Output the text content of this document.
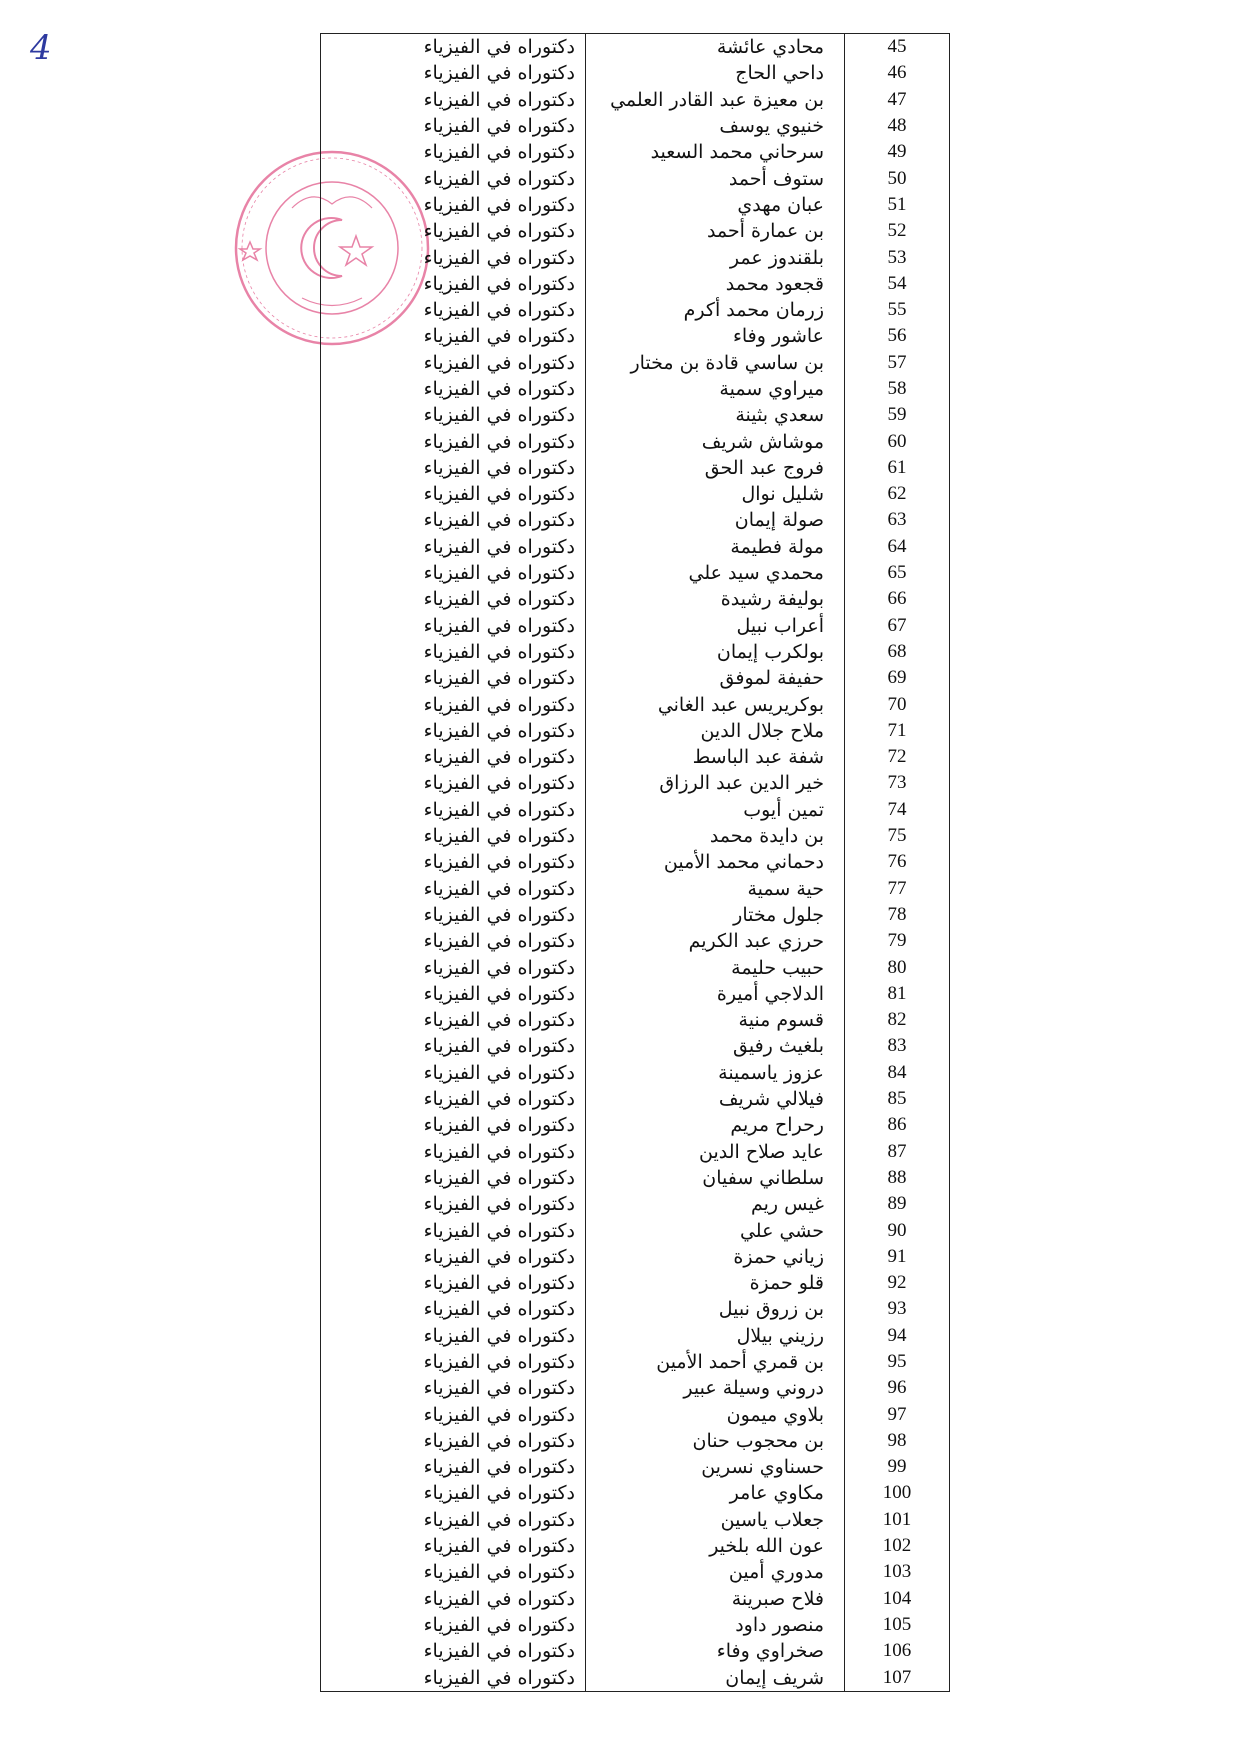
4	دكتوراه في الفيزياء	محادي عائشة	45
دكتوراه في الفيزياء	داحي الحاج	46
دكتوراه في الفيزياء	بن معيزة عبد القادر العلمي	47
دكتوراه في الفيزياء	خنيوي يوسف	48
دكتوراه في الفيزياء	سرحاني محمد السعيد	49
دكتوراه في الفيزياء	ستوف أحمد	50
دكتوراه في الفيزياء	عبان مهدي	51
دكتوراه في الفيزياء	بن عمارة أحمد	52
دكتوراه في الفيزياء	بلقندوز عمر	53
دكتوراه في الفيزياء	قجعود محمد	54
دكتوراه في الفيزياء	زرمان محمد أكرم	55
دكتوراه في الفيزياء	عاشور وفاء	56
دكتوراه في الفيزياء	بن ساسي قادة بن مختار	57
دكتوراه في الفيزياء	ميراوي سمية	58
دكتوراه في الفيزياء	سعدي بثينة	59
دكتوراه في الفيزياء	موشاش شريف	60
دكتوراه في الفيزياء	فروج عبد الحق	61
دكتوراه في الفيزياء	شليل نوال	62
دكتوراه في الفيزياء	صولة إيمان	63
دكتوراه في الفيزياء	مولة فطيمة	64
دكتوراه في الفيزياء	محمدي سيد علي	65
دكتوراه في الفيزياء	بوليفة رشيدة	66
دكتوراه في الفيزياء	أعراب نبيل	67
دكتوراه في الفيزياء	بولكرب إيمان	68
دكتوراه في الفيزياء	حفيفة لموفق	69
دكتوراه في الفيزياء	بوكريريس عبد الغاني	70
دكتوراه في الفيزياء	ملاح جلال الدين	71
دكتوراه في الفيزياء	شفة عبد الباسط	72
دكتوراه في الفيزياء	خير الدين عبد الرزاق	73
دكتوراه في الفيزياء	تمين أيوب	74
دكتوراه في الفيزياء	بن دايدة محمد	75
دكتوراه في الفيزياء	دحماني محمد الأمين	76
دكتوراه في الفيزياء	حية سمية	77
دكتوراه في الفيزياء	جلول مختار	78
دكتوراه في الفيزياء	حرزي عبد الكريم	79
دكتوراه في الفيزياء	حبيب حليمة	80
دكتوراه في الفيزياء	الدلاجي أميرة	81
دكتوراه في الفيزياء	قسوم منية	82
دكتوراه في الفيزياء	بلغيث رفيق	83
دكتوراه في الفيزياء	عزوز ياسمينة	84
دكتوراه في الفيزياء	فيلالي شريف	85
دكتوراه في الفيزياء	رحراح مريم	86
دكتوراه في الفيزياء	عايد صلاح الدين	87
دكتوراه في الفيزياء	سلطاني سفيان	88
دكتوراه في الفيزياء	غيس ريم	89
دكتوراه في الفيزياء	حشي علي	90
دكتوراه في الفيزياء	زياني حمزة	91
دكتوراه في الفيزياء	قلو حمزة	92
دكتوراه في الفيزياء	بن زروق نبيل	93
دكتوراه في الفيزياء	رزيني بيلال	94
دكتوراه في الفيزياء	بن قمري أحمد الأمين	95
دكتوراه في الفيزياء	دروني وسيلة عبير	96
دكتوراه في الفيزياء	بلاوي ميمون	97
دكتوراه في الفيزياء	بن محجوب حنان	98
دكتوراه في الفيزياء	حسناوي نسرين	99
دكتوراه في الفيزياء	مكاوي عامر	100
دكتوراه في الفيزياء	جعلاب ياسين	101
دكتوراه في الفيزياء	عون الله بلخير	102
دكتوراه في الفيزياء	مدوري أمين	103
دكتوراه في الفيزياء	فلاح صبرينة	104
دكتوراه في الفيزياء	منصور داود	105
دكتوراه في الفيزياء	صخراوي وفاء	106
دكتوراه في الفيزياء	شريف إيمان	107
